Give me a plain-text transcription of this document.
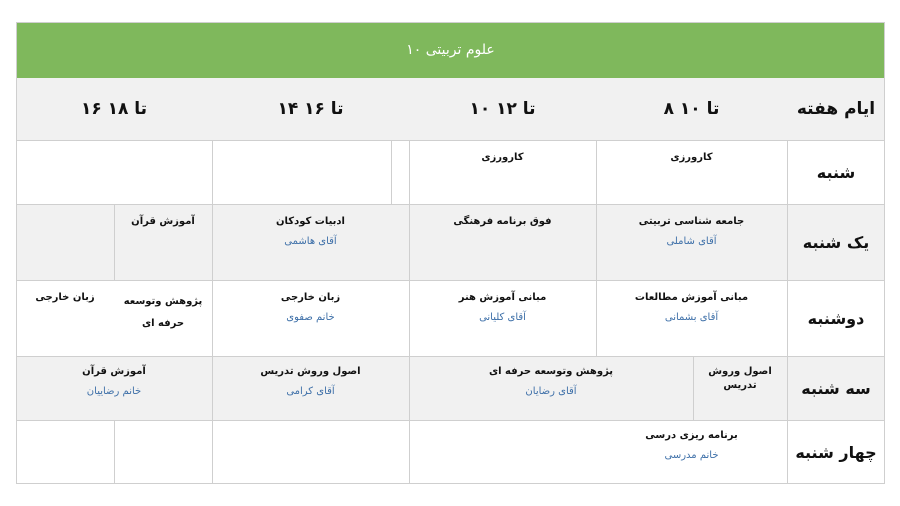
علوم تربیتی ۱۰
ایام هفته
۸ تا ۱۰
۱۰ تا ۱۲
۱۴ تا ۱۶
۱۶ تا ۱۸
شنبه
کارورزی
کارورزی
یک شنبه
جامعه شناسی تربیتی
آقای شاملی
فوق برنامه فرهنگی
ادبیات کودکان
آقای هاشمی
آموزش قرآن
دوشنبه
مبانی آموزش مطالعات
آقای بشمانی
مبانی آموزش هنر
آقای کلیانی
زبان خارجی
خانم صفوی
پژوهش وتوسعه حرفه ای
زبان خارجی
سه شنبه
اصول وروش تدریس
پژوهش وتوسعه حرفه ای
آقای رضایان
اصول وروش تدریس
آقای کرامی
آموزش قرآن
خانم رضاییان
چهار شنبه
برنامه ریزی درسی
خانم مدرسی
